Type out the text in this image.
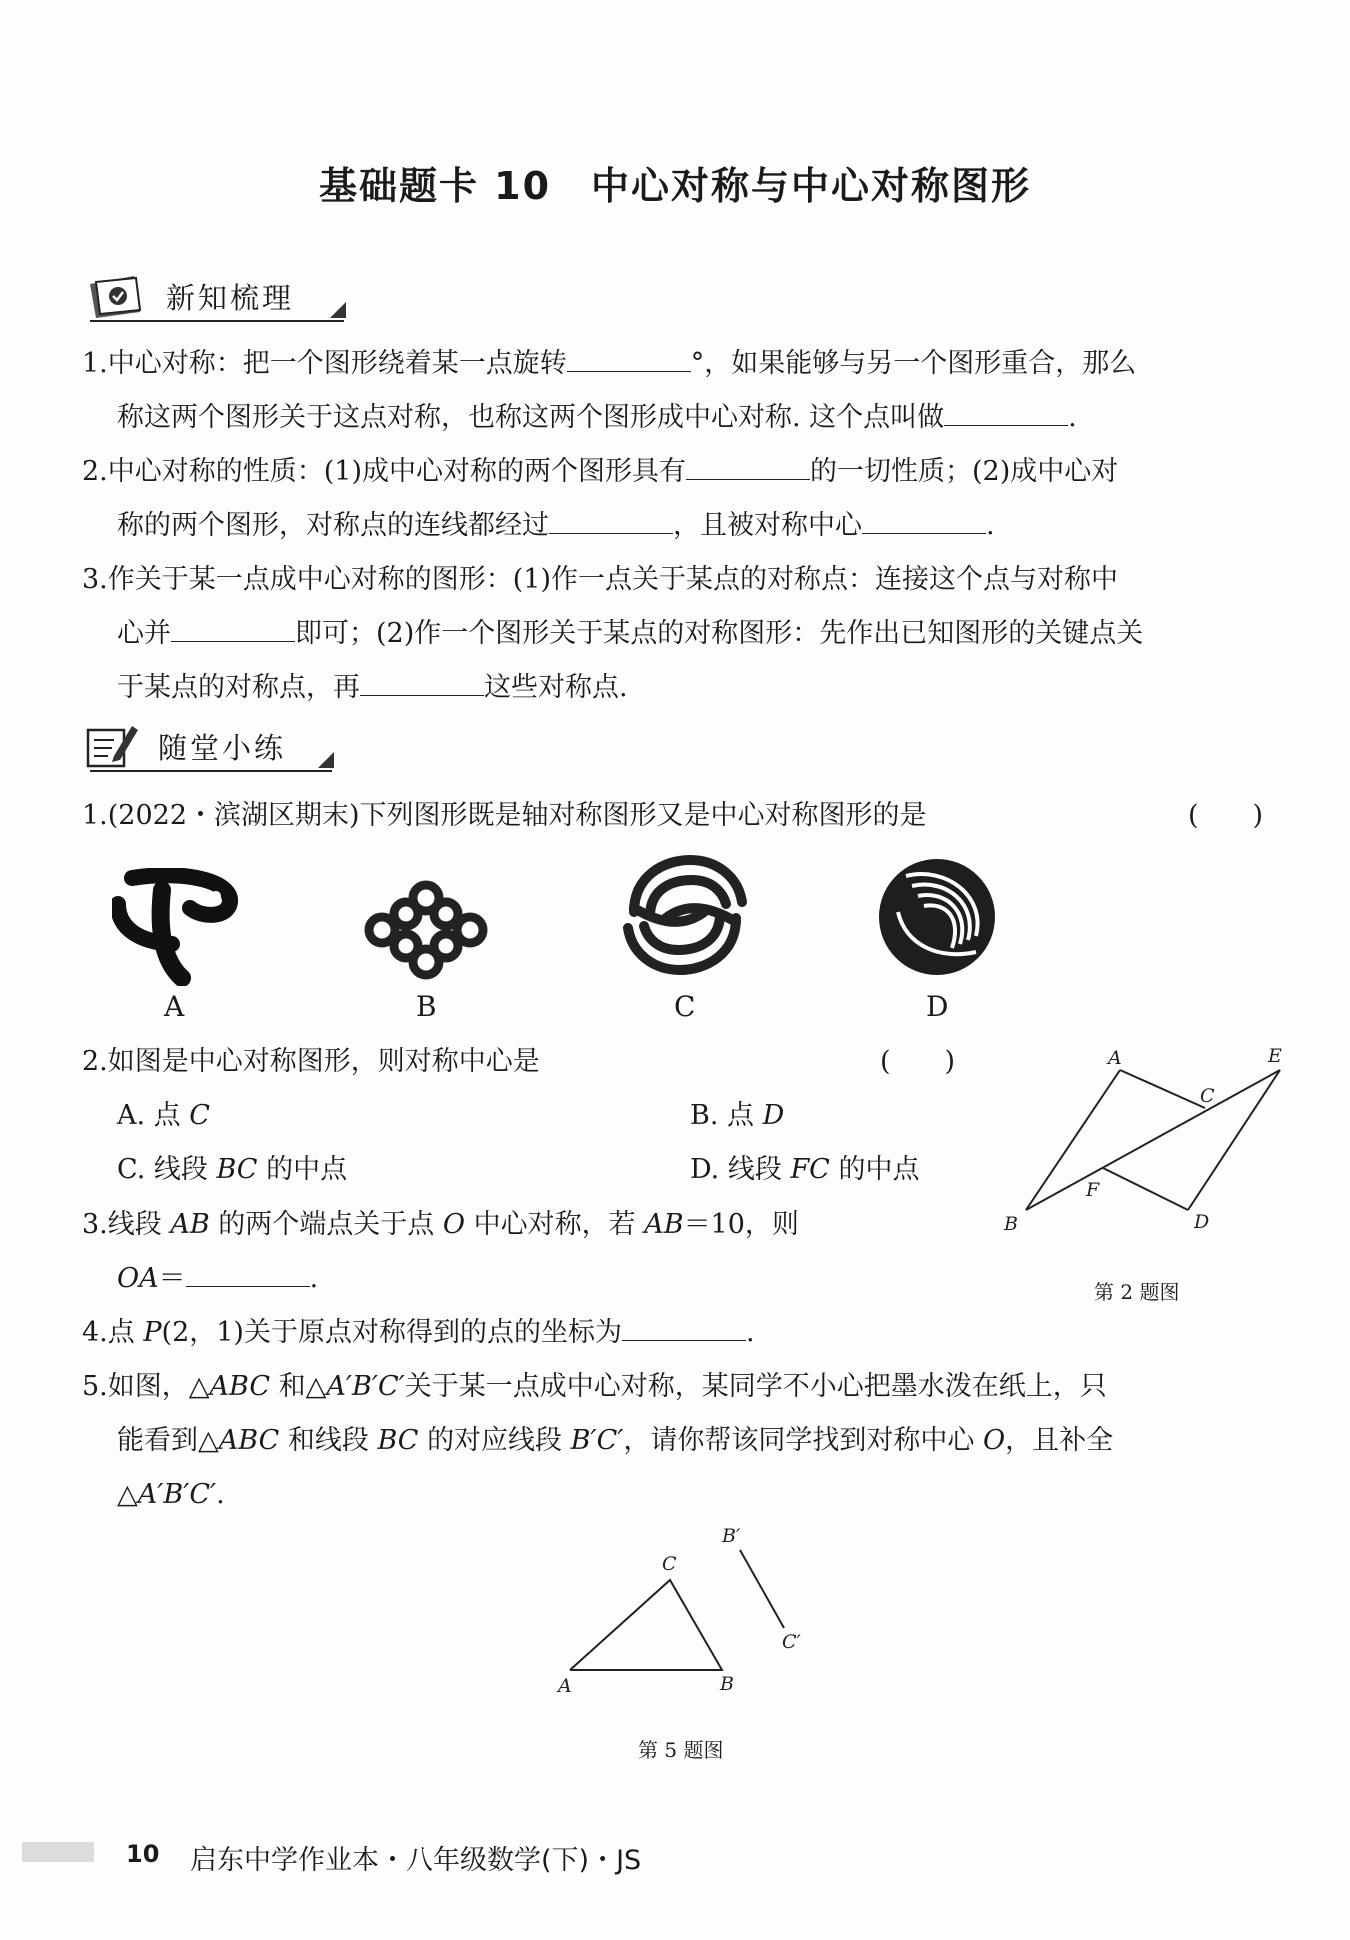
基础题卡 10　中心对称与中心对称图形
新知梳理
1.中心对称：把一个图形绕着某一点旋转	°，如果能够与另一个图形重合，那么
称这两个图形关于这点对称，也称这两个图形成中心对称. 这个点叫做	.
2.中心对称的性质：(1)成中心对称的两个图形具有	的一切性质；(2)成中心对
称的两个图形，对称点的连线都经过	，且被对称中心	.
3.作关于某一点成中心对称的图形：(1)作一点关于某点的对称点：连接这个点与对称中
心并	即可；(2)作一个图形关于某点的对称图形：先作出已知图形的关键点关
于某点的对称点，再	这些对称点.
随堂小练
1.(2022・滨湖区期末)下列图形既是轴对称图形又是中心对称图形的是	(　　)
A	B	C	D
2.如图是中心对称图形，则对称中心是	(　　)
A. 点 C	B. 点 D
C. 线段 BC 的中点	D. 线段 FC 的中点
A	E
C
F
B	D
第 2 题图
3.线段 AB 的两个端点关于点 O 中心对称，若 AB＝10，则
OA＝	.
4.点 P(2，1)关于原点对称得到的点的坐标为	.
5.如图，△ABC 和△A′B′C′关于某一点成中心对称，某同学不小心把墨水泼在纸上，只
能看到△ABC 和线段 BC 的对应线段 B′C′，请你帮该同学找到对称中心 O，且补全
△A′B′C′.
C
A	B
B′
C′
第 5 题图
10 启东中学作业本・八年级数学(下)・JS
